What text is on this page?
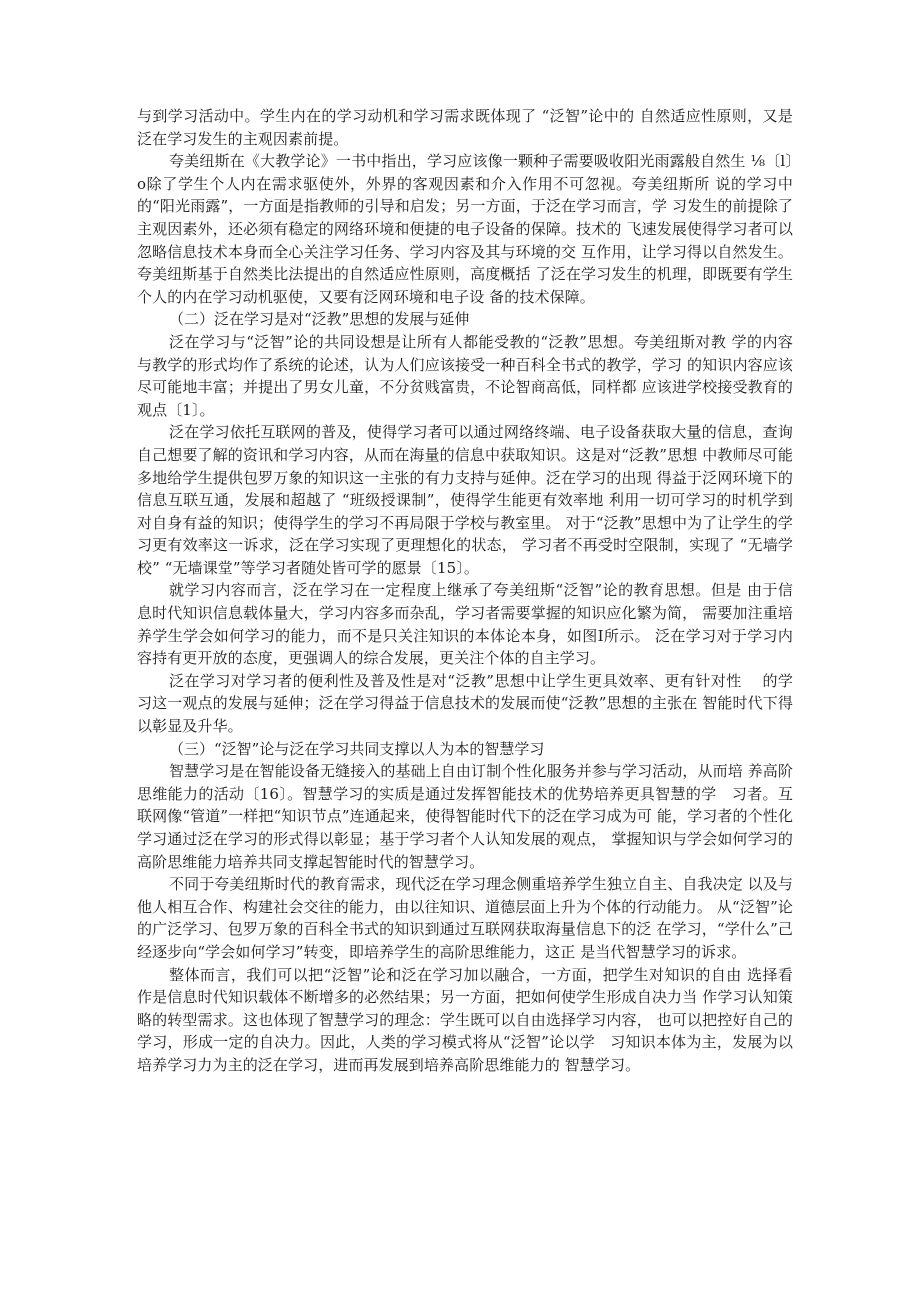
与到学习活动中。学生内在的学习动机和学习需求既体现了 “泛智”论中的 自然适应性原则，又是泛在学习发生的主观因素前提。

夸美纽斯在《大教学论》一书中指出，学习应该像一颗种子需要吸收阳光雨露般自然生 ⅛〔l〕o除了学生个人内在需求驱使外，外界的客观因素和介入作用不可忽视。夸美纽斯所 说的学习中的“阳光雨露”，一方面是指教师的引导和启发；另一方面，于泛在学习而言，学 习发生的前提除了主观因素外，还必须有稳定的网络环境和便捷的电子设备的保障。技术的 飞速发展使得学习者可以忽略信息技术本身而全心关注学习任务、学习内容及其与环境的交 互作用，让学习得以自然发生。夸美纽斯基于自然类比法提出的自然适应性原则，高度概括 了泛在学习发生的机理，即既要有学生个人的内在学习动机驱使，又要有泛网环境和电子设 备的技术保障。

（二）泛在学习是对“泛教”思想的发展与延伸

泛在学习与“泛智”论的共同设想是让所有人都能受教的“泛教”思想。夸美纽斯对教 学的内容与教学的形式均作了系统的论述，认为人们应该接受一种百科全书式的教学，学习 的知识内容应该尽可能地丰富；并提出了男女儿童，不分贫贱富贵，不论智商高低，同样都 应该进学校接受教育的观点〔1〕。

泛在学习依托互联网的普及，使得学习者可以通过网络终端、电子设备获取大量的信息，查询自己想要了解的资讯和学习内容，从而在海量的信息中获取知识。这是对“泛教”思想 中教师尽可能多地给学生提供包罗万象的知识这一主张的有力支持与延伸。泛在学习的出现 得益于泛网环境下的信息互联互通，发展和超越了 “班级授课制”，使得学生能更有效率地 利用一切可学习的时机学到对自身有益的知识；使得学生的学习不再局限于学校与教室里。 对于“泛教”思想中为了让学生的学习更有效率这一诉求，泛在学习实现了更理想化的状态， 学习者不再受时空限制，实现了 “无墙学校” “无墙课堂”等学习者随处皆可学的愿景〔15〕。

就学习内容而言，泛在学习在一定程度上继承了夸美纽斯“泛智”论的教育思想。但是 由于信息时代知识信息载体量大，学习内容多而杂乱，学习者需要掌握的知识应化繁为简， 需要加注重培养学生学会如何学习的能力，而不是只关注知识的本体论本身，如图Ⅰ所示。 泛在学习对于学习内容持有更开放的态度，更强调人的综合发展，更关注个体的自主学习。

泛在学习对学习者的便利性及普及性是对“泛教”思想中让学生更具效率、更有针对性　 的学习这一观点的发展与延伸；泛在学习得益于信息技术的发展而使“泛教”思想的主张在 智能时代下得以彰显及升华。

（三）“泛智”论与泛在学习共同支撑以人为本的智慧学习

智慧学习是在智能设备无缝接入的基础上自由订制个性化服务并参与学习活动，从而培 养高阶思维能力的活动〔16〕。智慧学习的实质是通过发挥智能技术的优势培养更具智慧的学　习者。互联网像“管道”一样把“知识节点”连通起来，使得智能时代下的泛在学习成为可 能，学习者的个性化学习通过泛在学习的形式得以彰显；基于学习者个人认知发展的观点， 掌握知识与学会如何学习的高阶思维能力培养共同支撑起智能时代的智慧学习。

不同于夸美纽斯时代的教育需求，现代泛在学习理念侧重培养学生独立自主、自我决定 以及与他人相互合作、构建社会交往的能力，由以往知识、道德层面上升为个体的行动能力。 从“泛智”论的广泛学习、包罗万象的百科全书式的知识到通过互联网获取海量信息下的泛 在学习，“学什么”己经逐步向“学会如何学习”转变，即培养学生的高阶思维能力，这正 是当代智慧学习的诉求。

整体而言，我们可以把“泛智”论和泛在学习加以融合，一方面，把学生对知识的自由 选择看作是信息时代知识载体不断增多的必然结果；另一方面，把如何使学生形成自决力当 作学习认知策略的转型需求。这也体现了智慧学习的理念：学生既可以自由选择学习内容， 也可以把控好自己的学习，形成一定的自决力。因此，人类的学习模式将从“泛智”论以学　习知识本体为主，发展为以培养学习力为主的泛在学习，进而再发展到培养高阶思维能力的 智慧学习。
